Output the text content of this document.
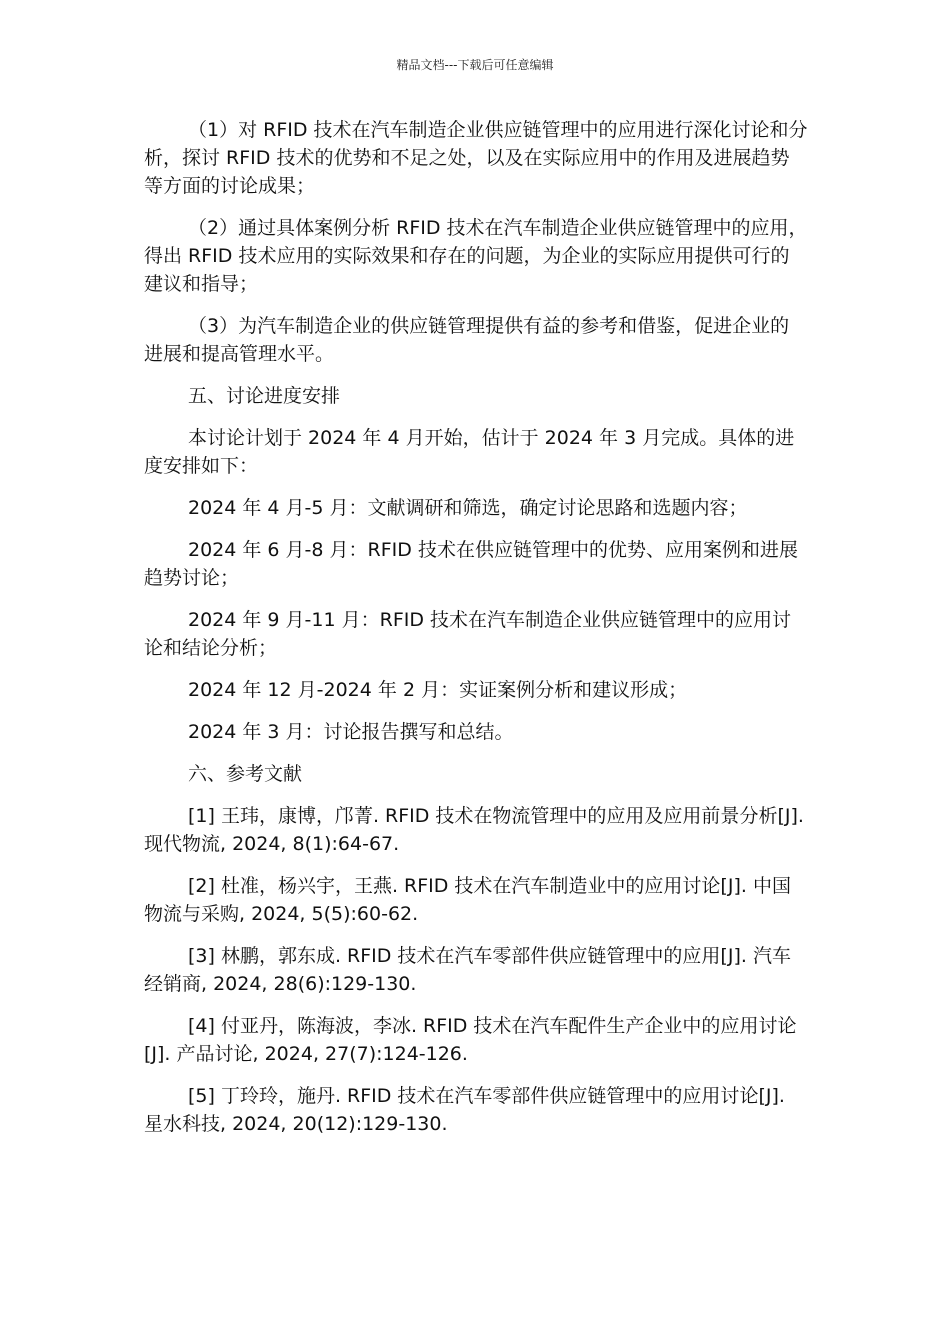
精品文档---下载后可任意编辑

（1）对 RFID 技术在汽车制造企业供应链管理中的应用进行深化讨论和分析，探讨 RFID 技术的优势和不足之处，以及在实际应用中的作用及进展趋势等方面的讨论成果；

（2）通过具体案例分析 RFID 技术在汽车制造企业供应链管理中的应用，得出 RFID 技术应用的实际效果和存在的问题，为企业的实际应用提供可行的建议和指导；

（3）为汽车制造企业的供应链管理提供有益的参考和借鉴，促进企业的进展和提高管理水平。

五、讨论进度安排

本讨论计划于 2024 年 4 月开始，估计于 2024 年 3 月完成。具体的进度安排如下：

2024 年 4 月-5 月：文献调研和筛选，确定讨论思路和选题内容；

2024 年 6 月-8 月：RFID 技术在供应链管理中的优势、应用案例和进展趋势讨论；

2024 年 9 月-11 月：RFID 技术在汽车制造企业供应链管理中的应用讨论和结论分析；

2024 年 12 月-2024 年 2 月：实证案例分析和建议形成；

2024 年 3 月：讨论报告撰写和总结。

六、参考文献

[1] 王玮，康博，邝菁. RFID 技术在物流管理中的应用及应用前景分析[J]. 现代物流, 2024, 8(1):64-67.

[2] 杜准，杨兴宇，王燕. RFID 技术在汽车制造业中的应用讨论[J]. 中国物流与采购, 2024, 5(5):60-62.

[3] 林鹏，郭东成. RFID 技术在汽车零部件供应链管理中的应用[J]. 汽车经销商, 2024, 28(6):129-130.

[4] 付亚丹，陈海波，李冰. RFID 技术在汽车配件生产企业中的应用讨论[J]. 产品讨论, 2024, 27(7):124-126.

[5] 丁玲玲，施丹. RFID 技术在汽车零部件供应链管理中的应用讨论[J]. 星水科技, 2024, 20(12):129-130.
